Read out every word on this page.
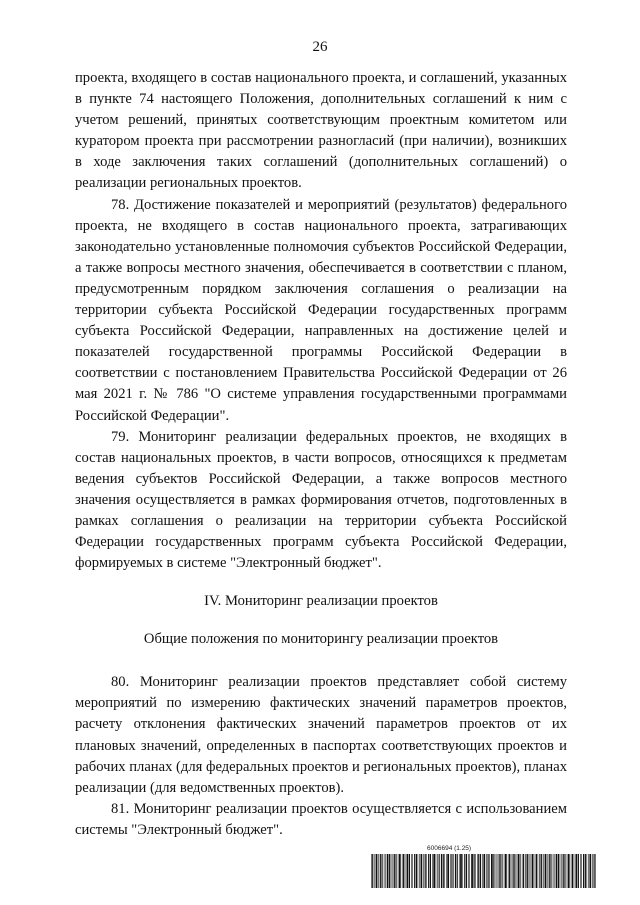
26

проекта, входящего в состав национального проекта, и соглашений, указанных в пункте 74 настоящего Положения, дополнительных соглашений к ним с учетом решений, принятых соответствующим проектным комитетом или куратором проекта при рассмотрении разногласий (при наличии), возникших в ходе заключения таких соглашений (дополнительных соглашений) о реализации региональных проектов.

78. Достижение показателей и мероприятий (результатов) федерального проекта, не входящего в состав национального проекта, затрагивающих законодательно установленные полномочия субъектов Российской Федерации, а также вопросы местного значения, обеспечивается в соответствии с планом, предусмотренным порядком заключения соглашения о реализации на территории субъекта Российской Федерации государственных программ субъекта Российской Федерации, направленных на достижение целей и показателей государственной программы Российской Федерации в соответствии с постановлением Правительства Российской Федерации от 26 мая 2021 г. № 786 "О системе управления государственными программами Российской Федерации".

79. Мониторинг реализации федеральных проектов, не входящих в состав национальных проектов, в части вопросов, относящихся к предметам ведения субъектов Российской Федерации, а также вопросов местного значения осуществляется в рамках формирования отчетов, подготовленных в рамках соглашения о реализации на территории субъекта Российской Федерации государственных программ субъекта Российской Федерации, формируемых в системе "Электронный бюджет".

IV. Мониторинг реализации проектов

Общие положения по мониторингу реализации проектов

80. Мониторинг реализации проектов представляет собой систему мероприятий по измерению фактических значений параметров проектов, расчету отклонения фактических значений параметров проектов от их плановых значений, определенных в паспортах соответствующих проектов и рабочих планах (для федеральных проектов и региональных проектов), планах реализации (для ведомственных проектов).

81. Мониторинг реализации проектов осуществляется с использованием системы "Электронный бюджет".

6006694 (1.25)
